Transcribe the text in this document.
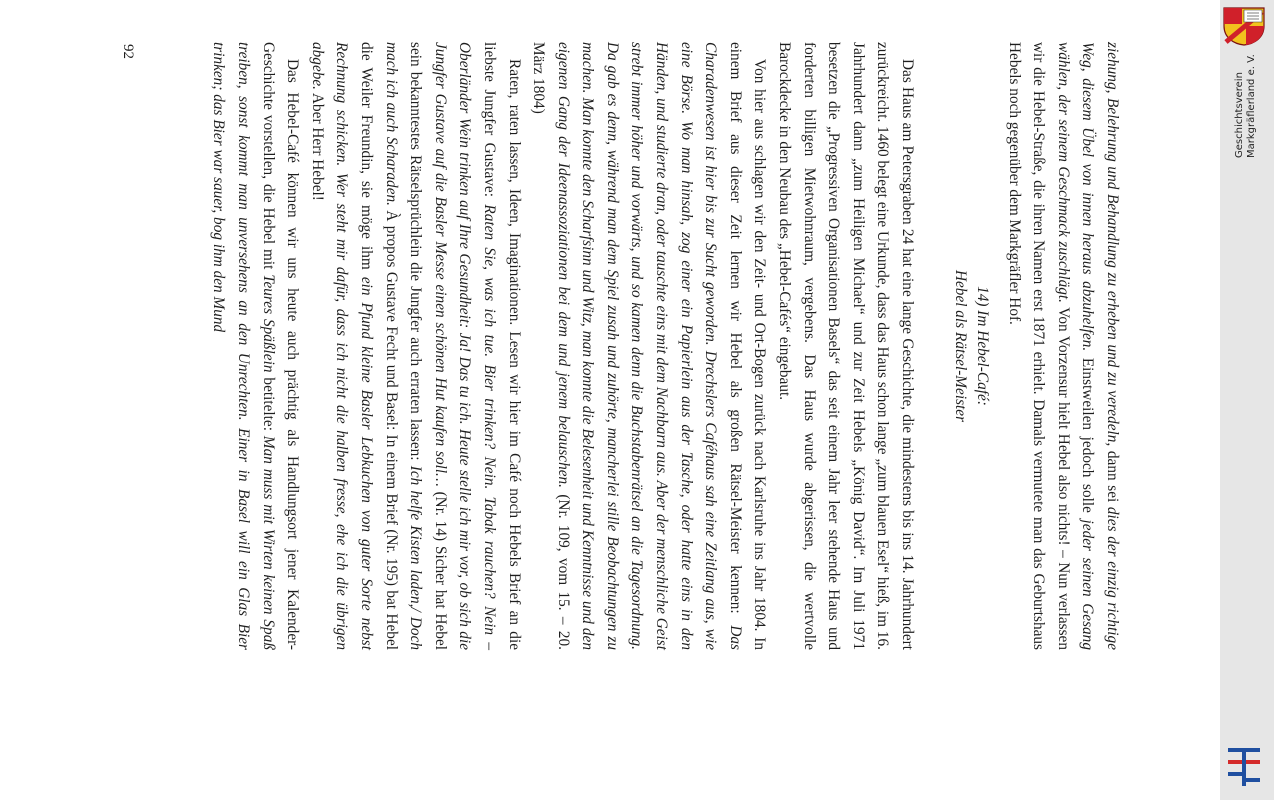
ziehung, Belehrung und Behandlung zu erheben und zu veredeln, dann sei dies der einzig richtige Weg, diesem Übel von innen heraus abzuhelfen. Einstweilen jedoch solle jeder seinen Gesang wählen, der seinem Geschmack zuschlägt. Von Vorzensur hielt Hebel also nichts! – Nun verlassen wir die Hebel-Straße, die ihren Namen erst 1871 erhielt. Damals vermutete man das Geburtshaus Hebels noch gegenüber dem Markgräfler Hof.

14) Im Hebel-Café:
Hebel als Rätsel-Meister

Das Haus am Petersgraben 24 hat eine lange Geschichte, die mindestens bis ins 14. Jahrhundert zurückreicht. 1460 belegt eine Urkunde, dass das Haus schon lange „zum blauen Esel“ hieß, im 16. Jahrhundert dann „zum Heiligen Michael“ und zur Zeit Hebels „König David“. Im Juli 1971 besetzen die „Progressiven Organisationen Basels“ das seit einem Jahr leer stehende Haus und forderten billigen Mietwohnraum, vergebens. Das Haus wurde abgerissen, die wertvolle Barockdecke in den Neubau des „Hebel-Cafés“ eingebaut.

Von hier aus schlagen wir den Zeit- und Ort-Bogen zurück nach Karlsruhe ins Jahr 1804. In einem Brief aus dieser Zeit lernen wir Hebel als großen Rätsel-Meister kennen: Das Charadenwesen ist hier bis zur Sucht geworden. Drechslers Caféhaus sah eine Zeitlang aus, wie eine Börse. Wo man hinsah, zog einer ein Papierlein aus der Tasche, oder hatte eins in den Händen, und studierte dran, oder tauschte eins mit dem Nachbarn aus. Aber der menschliche Geist strebt immer höher und vorwärts, und so kamen denn die Buchstabenrätsel an die Tagesordnung. Da gab es denn, während man dem Spiel zusah und zuhörte, mancherlei stille Beobachtungen zu machen. Man konnte den Scharfsinn und Witz, man konnte die Belesenheit und Kenntnisse und den eigenen Gang der Ideenassoziationen bei dem und jenem belauschen. (Nr. 109, vom 15. – 20. März 1804)

Raten, raten lassen, Ideen, Imaginationen. Lesen wir hier im Café noch Hebels Brief an die liebste Jungfer Gustave: Raten Sie, was ich tue. Bier trinken? Nein. Tabak rauchen? Nein – Oberländer Wein trinken auf Ihre Gesundheit: Ja! Das tu ich. Heute stelle ich mir vor, ob sich die Jungfer Gustave auf die Basler Messe einen schönen Hut kaufen soll… (Nr. 14) Sicher hat Hebel sein bekanntestes Rätselsprüchlein die Jungfer auch erraten lassen: Ich helfe Kisten laden,/ Doch mach ich auch Scharaden. À propos Gustave Fecht und Basel: In einem Brief (Nr. 195) bat Hebel die Weiler Freundin, sie möge ihm ein Pfund kleine Basler Lebkuchen von guter Sorte nebst Rechnung schicken. Wer steht mir dafür, dass ich nicht die halben fresse, ehe ich die übrigen abgebe. Aber Herr Hebel!

Das Hebel-Café können wir uns heute auch prächtig als Handlungsort jener Kalender-Geschichte vorstellen, die Hebel mit Teures Späßlein betitelte: Man muss mit Wirten keinen Spaß treiben, sonst kommt man unversehens an den Unrechten. Einer in Basel will ein Glas Bier trinken; das Bier war sauer, bog ihm den Mund

92
Geschichtsverein Markgräflerland e. V.
